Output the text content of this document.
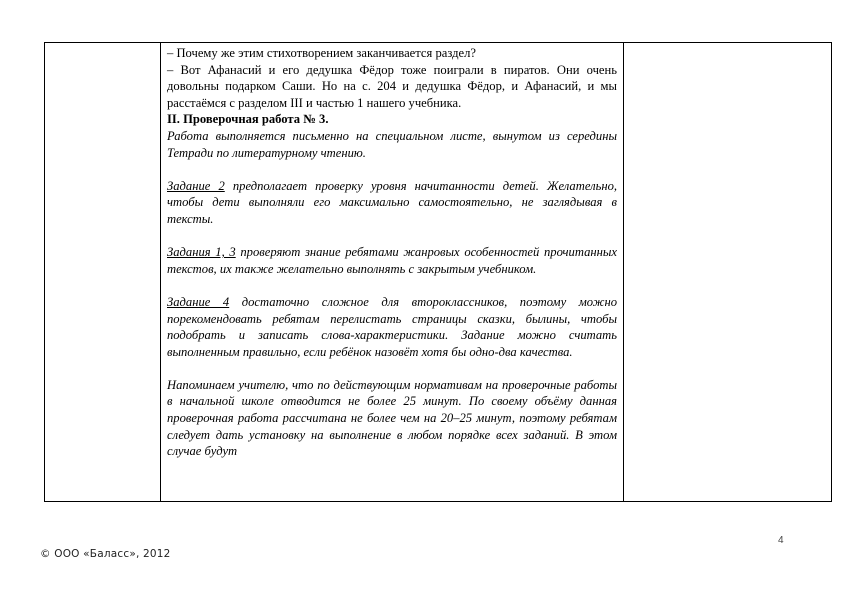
– Почему же этим стихотворением заканчивается раздел?

– Вот Афанасий и его дедушка Фёдор тоже поиграли в пиратов. Они очень довольны подарком Саши. Но на с. 204 и дедушка Фёдор, и Афанасий, и мы расстаёмся с разделом III и частью 1 нашего учебника.

II. Проверочная работа № 3.

Работа выполняется письменно на специальном листе, вынутом из середины Тетради по литературному чтению.

Задание 2 предполагает проверку уровня начитанности детей. Желательно, чтобы дети выполняли его максимально самостоятельно, не заглядывая в тексты.

Задания 1, 3 проверяют знание ребятами жанровых особенностей прочитанных текстов, их также желательно выполнять с закрытым учебником.

Задание 4 достаточно сложное для второклассников, поэтому можно порекомендовать ребятам перелистать страницы сказки, былины, чтобы подобрать и записать слова-характеристики. Задание можно считать выполненным правильно, если ребёнок назовёт хотя бы одно-два качества.

Напоминаем учителю, что по действующим нормативам на проверочные работы в начальной школе отводится не более 25 минут. По своему объёму данная проверочная работа рассчитана не более чем на 20–25 минут, поэтому ребятам следует дать установку на выполнение в любом порядке всех заданий. В этом случае будут

4
© ООО «Баласс», 2012
